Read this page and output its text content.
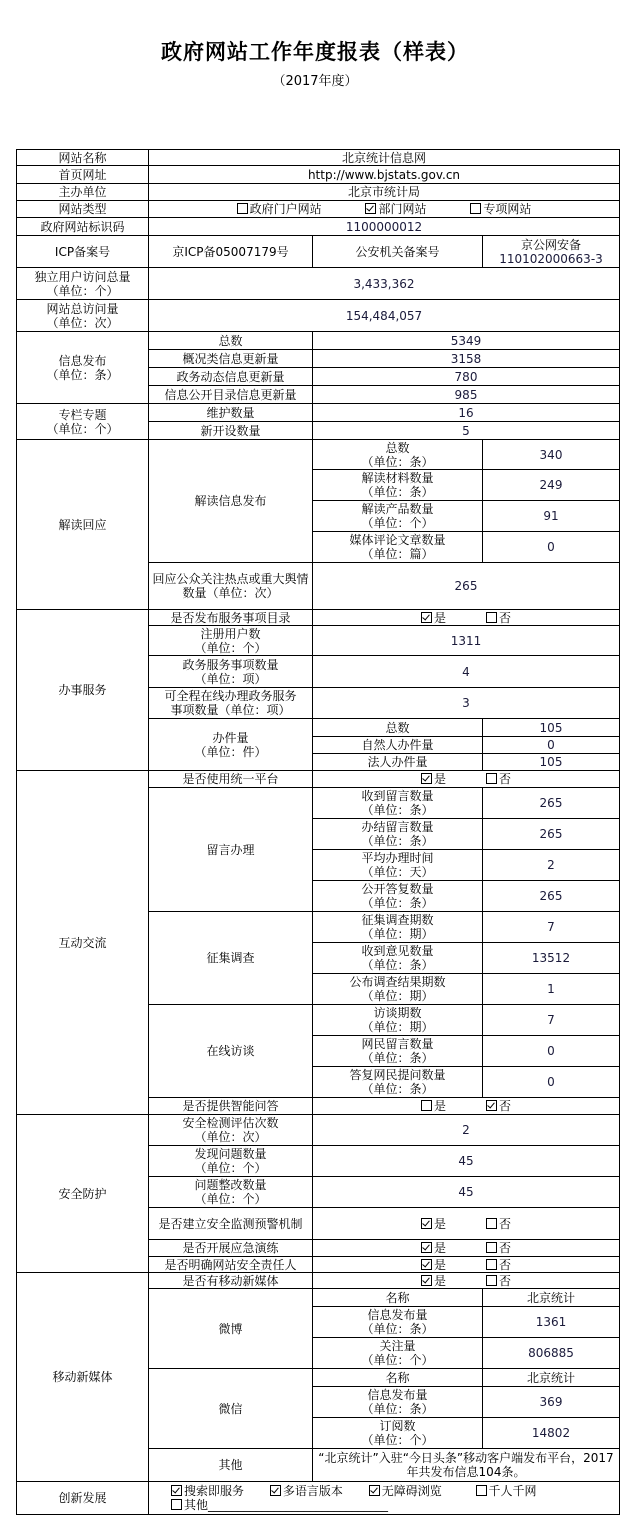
政府网站工作年度报表（样表）
（2017年度）
网站名称	北京统计信息网		
首页网址	http://www.bjstats.gov.cn		
主办单位	北京市统计局		
网站类型	政府门户网站 部门网站 专项网站		
政府网站标识码	1100000012		
ICP备案号	京ICP备05007179号	公安机关备案号	京公网安备
110102000663-3
独立用户访问总量
（单位：个）	3,433,362		
网站总访问量
（单位：次）	154,484,057		
信息发布
（单位：条）	总数	5349	
	概况类信息更新量	3158	
	政务动态信息更新量	780	
	信息公开目录信息更新量	985	
专栏专题
（单位：个）	维护数量	16	
	新开设数量	5	
解读回应	解读信息发布	总数
（单位：条）	340
		解读材料数量
（单位：条）	249
		解读产品数量
（单位：个）	91
		媒体评论文章数量
（单位：篇）	0
	回应公众关注热点或重大舆情数量（单位：次）	265	
办事服务	是否发布服务事项目录	是 否	
	注册用户数
（单位：个）	1311	
	政务服务事项数量
（单位：项）	4	
	可全程在线办理政务服务
事项数量（单位：项）	3	
	办件量
（单位：件）	总数	105
		自然人办件量	0
		法人办件量	105
互动交流	是否使用统一平台	是 否	
	留言办理	收到留言数量
（单位：条）	265
		办结留言数量
（单位：条）	265
		平均办理时间
（单位：天）	2
		公开答复数量
（单位：条）	265
	征集调查	征集调查期数
（单位：期）	7
		收到意见数量
（单位：条）	13512
		公布调查结果期数
（单位：期）	1
	在线访谈	访谈期数
（单位：期）	7
		网民留言数量
（单位：条）	0
		答复网民提问数量
（单位：条）	0
	是否提供智能问答	是 否	
安全防护	安全检测评估次数
（单位：次）	2	
	发现问题数量
（单位：个）	45	
	问题整改数量
（单位：个）	45	
	是否建立安全监测预警机制	是 否	
	是否开展应急演练	是 否	
	是否明确网站安全责任人	是 否	
移动新媒体	是否有移动新媒体	是 否	
	微博	名称	北京统计
		信息发布量
（单位：条）	1361
		关注量
（单位：个）	806885
	微信	名称	北京统计
		信息发布量
（单位：条）	369
		订阅数
（单位：个）	14802
	其他	“北京统计”入驻“今日头条”移动客户端发布平台，2017年共发布信息104条。	
创新发展	搜索即服务 多语言版本 无障碍浏览 千人千网
其他______________________________		
